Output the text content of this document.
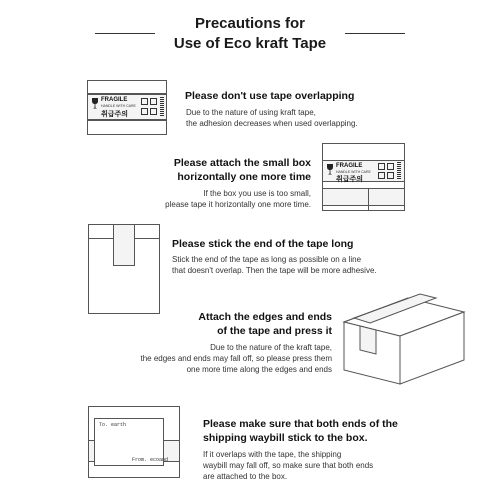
Precautions for
Use of Eco kraft Tape
FRAGILE
HANDLE WITH CARE
취급주의
Please don't use tape overlapping
Due to the nature of using kraft tape,
the adhesion decreases when used overlapping.
Please attach the small box
horizontally one more time
If the box you use is too small,
please tape it horizontally one more time.
FRAGILE
HANDLE WITH CARE
취급주의
Please stick the end of the tape long
Stick the end of the tape as long as possible on a line
that doesn't overlap. Then the tape will be more adhesive.
Attach the edges and ends
of the tape and press it
Due to the nature of the kraft tape,
the edges and ends may fall off, so please press them
one more time along the edges and ends
To. earth
From. ecoand
Please make sure that both ends of the
shipping waybill stick to the box.
If it overlaps with the tape, the shipping
waybill may fall off, so make sure that both ends
are attached to the box.
